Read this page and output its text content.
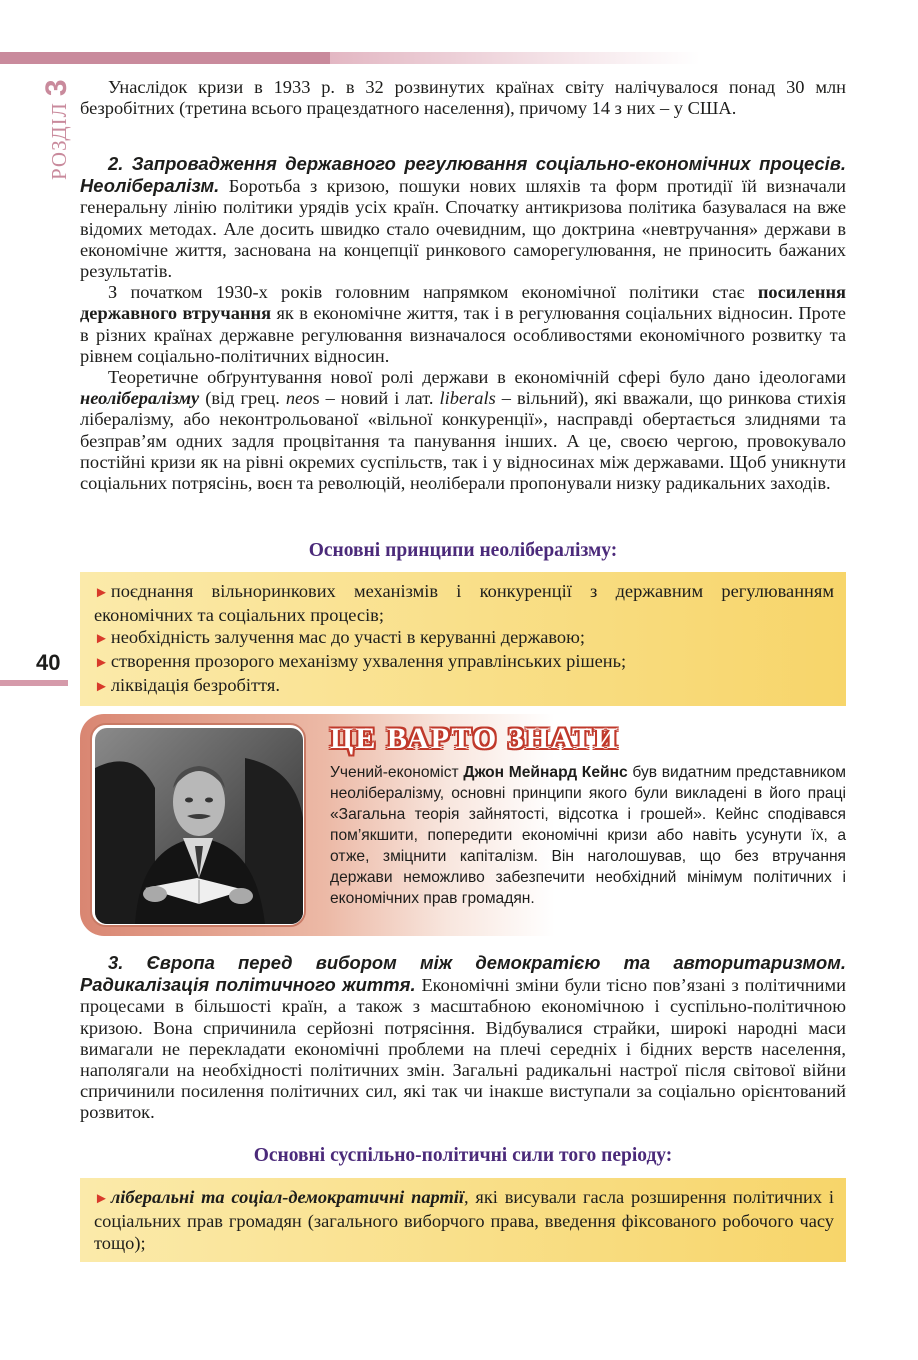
РОЗДІЛ3
40

Унаслідок кризи в 1933 р. в 32 розвинутих країнах світу налічувалося понад 30 млн безробітних (третина всього працездатного населення), причому 14 з них – у США.

2. Запровадження державного регулювання соціально-економічних процесів. Неолібералізм. Боротьба з кризою, пошуки нових шляхів та форм протидії їй визначали генеральну лінію політики урядів усіх країн. Спочатку антикризова політика базувалася на вже відомих методах. Але досить швидко стало очевидним, що доктрина «невтручання» держави в економічне життя, заснована на концепції ринкового саморегулювання, не приносить бажаних результатів.

З початком 1930-х років головним напрямком економічної політики стає посилення державного втручання як в економічне життя, так і в регулювання соціальних відносин. Проте в різних країнах державне регулювання визначалося особливостями економічного розвитку та рівнем соціально-політичних відносин.

Теоретичне обґрунтування нової ролі держави в економічній сфері було дано ідеологами неолібералізму (від грец. neos – новий і лат. liberals – вільний), які вважали, що ринкова стихія лібералізму, або неконтрольованої «вільної конкуренції», насправді обертається злиднями та безправ’ям одних задля процвітання та панування інших. А це, своєю чергою, провокувало постійні кризи як на рівні окремих суспільств, так і у відносинах між державами. Щоб уникнути соціальних потрясінь, воєн та революцій, неоліберали пропонували низку радикальних заходів.

Основні принципи неолібералізму:
► поєднання вільноринкових механізмів і конкуренції з державним регулюванням економічних та соціальних процесів;
► необхідність залучення мас до участі в керуванні державою;
► створення прозорого механізму ухвалення управлінських рішень;
► ліквідація безробіття.
ЦЕ ВАРТО ЗНАТИ
Учений-економіст Джон Мейнард Кейнс був видатним представником неолібералізму, основні принципи якого були викладені в його праці «Загальна теорія зайнятості, відсотка і грошей». Кейнс сподівався пом’якшити, попередити економічні кризи або навіть усунути їх, а отже, зміцнити капіталізм. Він наголошував, що без втручання держави неможливо забезпечити необхідний мінімум політичних і економічних прав громадян.

3. Європа перед вибором між демократією та авторитаризмом. Радикалізація політичного життя. Економічні зміни були тісно пов’язані з політичними процесами в більшості країн, а також з масштабною економічною і суспільно-політичною кризою. Вона спричинила серйозні потрясіння. Відбувалися страйки, широкі народні маси вимагали не перекладати економічні проблеми на плечі середніх і бідних верств населення, наполягали на необхідності політичних змін. Загальні радикальні настрої після світової війни спричинили посилення політичних сил, які так чи інакше виступали за соціально орієнтований розвиток.

Основні суспільно-політичні сили того періоду:
► ліберальні та соціал-демократичні партії, які висували гасла розширення політичних і соціальних прав громадян (загального виборчого права, введення фіксованого робочого часу тощо);
